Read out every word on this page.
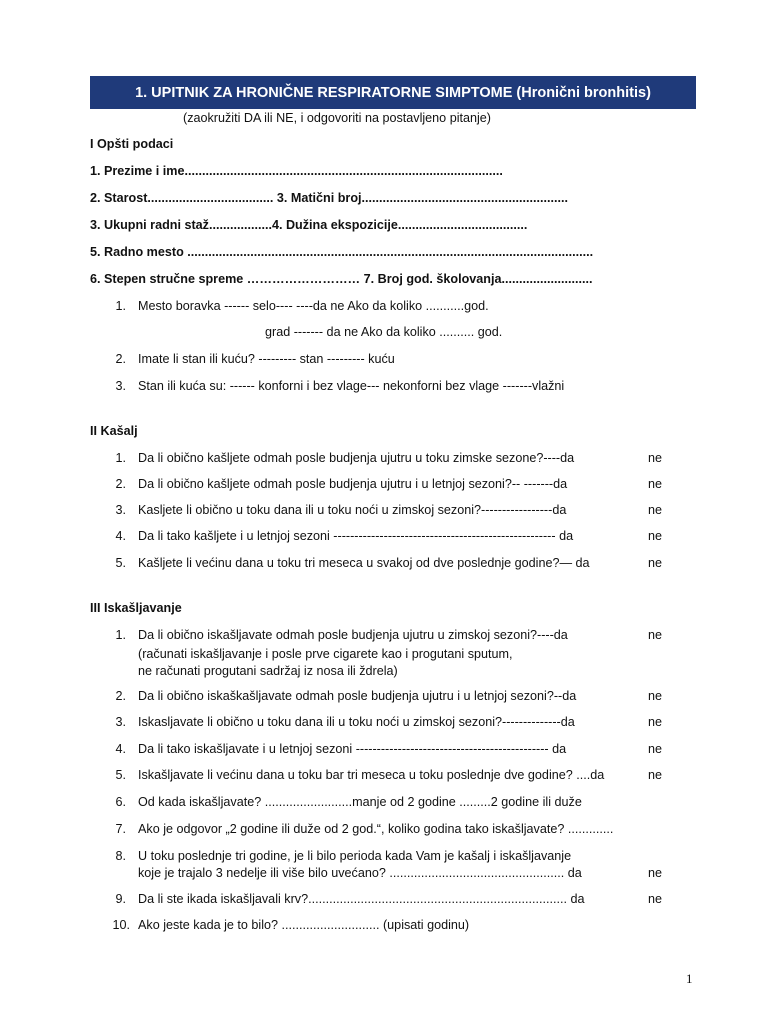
1. UPITNIK ZA HRONIČNE RESPIRATORNE SIMPTOME (Hronični bronhitis)
(zaokružiti DA ili NE, i odgovoriti na postavljeno pitanje)
I Opšti podaci
1. Prezime i ime...........................................................................................
2. Starost.................................... 3. Matični broj...........................................................
3. Ukupni radni staž..................4. Dužina ekspozicije.....................................
5. Radno mesto ....................................................................................................................
6. Stepen stručne spreme ……………………… 7. Broj god. školovanja..........................
1. Mesto boravka ------ selo---- ----da ne Ako da koliko ...........god.
grad ------- da ne Ako da koliko .......... god.
2. Imate li stan ili kuću? --------- stan --------- kuću
3. Stan ili kuća su: ------ konforni i bez vlage--- nekonforni bez vlage -------vlažni
II Kašalj
1. Da li obično kašljete odmah posle budjenja ujutru u toku zimske sezone?----da	ne
2. Da li obično kašljete odmah posle budjenja ujutru i u letnjoj sezoni?-- -------da	ne
3. Kasljete li obično u toku dana ili u toku noći u zimskoj sezoni?-----------------da	ne
4. Da li tako kašljete i u letnjoj sezoni ----------------------------------------------------- da	ne
5. Kašljete li većinu dana u toku tri meseca u svakoj od dve poslednje godine?— da	ne
III Iskašljavanje
1. Da li obično iskašljavate odmah posle budjenja ujutru u zimskoj sezoni?----da	ne
(računati iskašljavanje i posle prve cigarete kao i progutani sputum,
ne računati progutani sadržaj iz nosa ili ždrela)
2. Da li obično iskaškašljavate odmah posle budjenja ujutru i u letnjoj sezoni?--da	ne
3. Iskasljavate li obično u toku dana ili u toku noći u zimskoj sezoni?--------------da	ne
4. Da li tako iskašljavate i u letnjoj sezoni ---------------------------------------------- da	ne
5. Iskašljavate li većinu dana u toku bar tri meseca u toku poslednje dve godine? ....da	ne
6. Od kada iskašljavate? .........................manje od 2 godine .........2 godine ili duže
7. Ako je odgovor „2 godine ili duže od 2 god.“, koliko godina tako iskašljavate? .............
8. U toku poslednje tri godine, je li bilo perioda kada Vam je kašalj i iskašljavanje
koje je trajalo 3 nedelje ili više bilo uvećano? .................................................. da	ne
9. Da li ste ikada iskašljavali krv?.......................................................................... da	ne
10. Ako jeste kada je to bilo? ............................ (upisati godinu)
1
